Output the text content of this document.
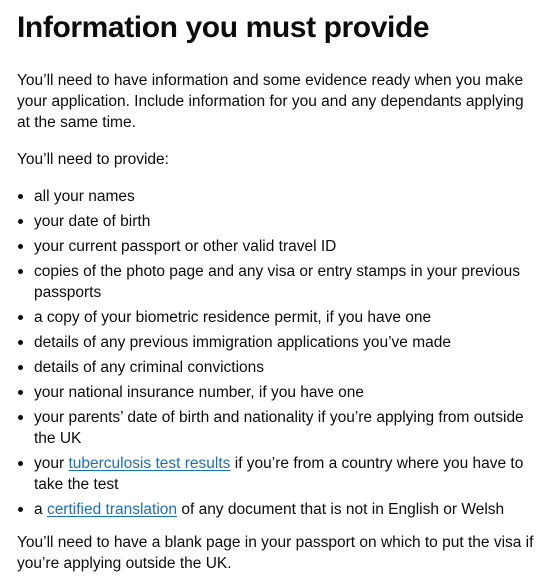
Information you must provide

You’ll need to have information and some evidence ready when you make your application. Include information for you and any dependants applying at the same time.

You’ll need to provide:

all your names
your date of birth
your current passport or other valid travel ID
copies of the photo page and any visa or entry stamps in your previous passports
a copy of your biometric residence permit, if you have one
details of any previous immigration applications you’ve made
details of any criminal convictions
your national insurance number, if you have one
your parents’ date of birth and nationality if you’re applying from outside the UK
your tuberculosis test results if you’re from a country where you have to take the test
a certified translation of any document that is not in English or Welsh

You’ll need to have a blank page in your passport on which to put the visa if you’re applying outside the UK.
